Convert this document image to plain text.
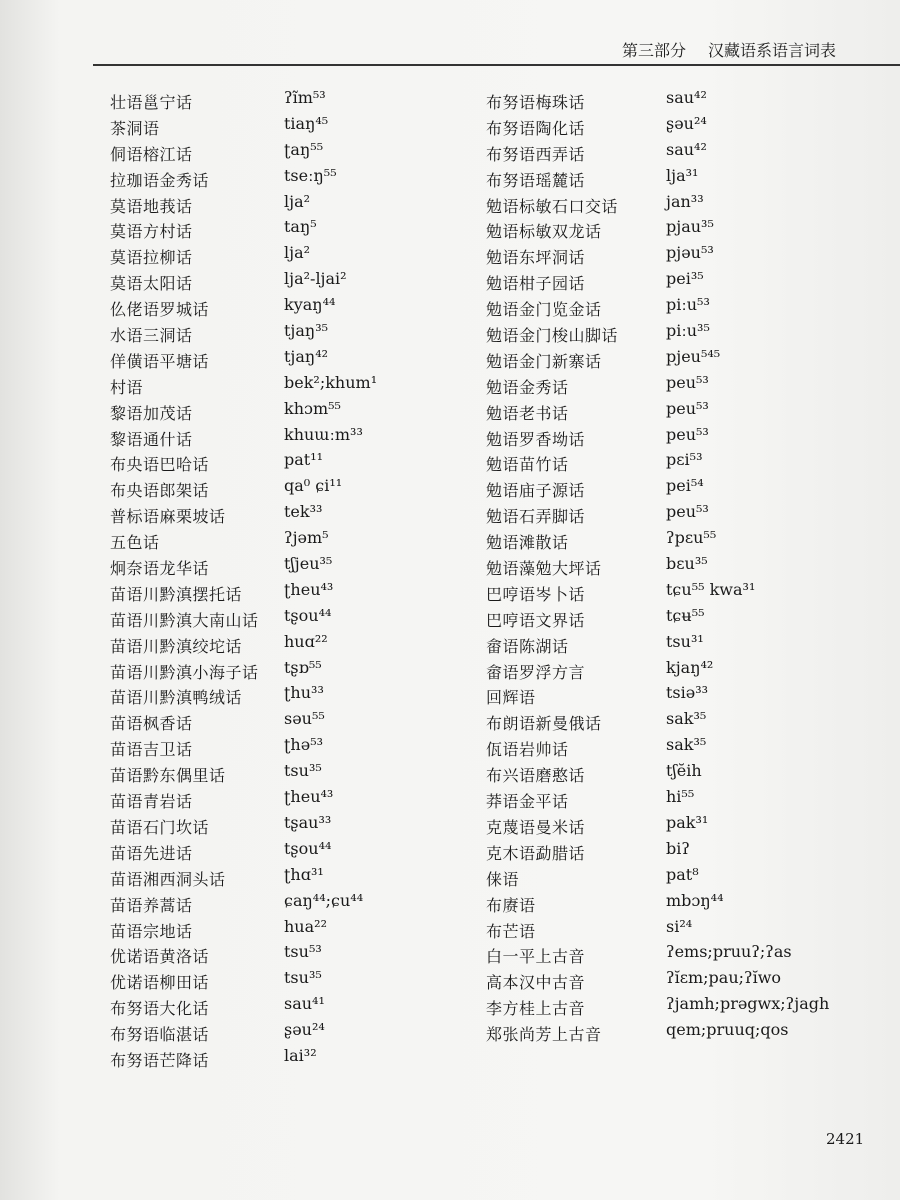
第三部分 汉藏语系语言词表
壮语邕宁话	ʔĩm⁵³
茶洞语	tiaŋ⁴⁵
侗语榕江话	ʈaŋ⁵⁵
拉珈语金秀话	tseːŋ⁵⁵
莫语地莪话	lja²
莫语方村话	taŋ⁵
莫语拉柳话	lja²
莫语太阳话	lja²-ljai²
仫佬语罗城话	kyaŋ⁴⁴
水语三洞话	tjaŋ³⁵
佯僙语平塘话	tjaŋ⁴²
村语	bek²;khum¹
黎语加茂话	khɔm⁵⁵
黎语通什话	khuɯːm³³
布央语巴哈话	pat¹¹
布央语郎架话	qa⁰ ɕi¹¹
普标语麻栗坡话	tek³³
五色话	ʔjəm⁵
炯奈语龙华话	tʃjeu³⁵
苗语川黔滇摆托话	ʈheu⁴³
苗语川黔滇大南山话 tʂou⁴⁴
苗语川黔滇绞坨话	huɑ²²
苗语川黔滇小海子话 tʂɒ⁵⁵
苗语川黔滇鸭绒话	ʈhu³³
苗语枫香话	səu⁵⁵
苗语吉卫话	ʈhə⁵³
苗语黔东偶里话	tsu³⁵
苗语青岩话	ʈheu⁴³
苗语石门坎话	tʂau³³
苗语先进话	tʂou⁴⁴
苗语湘西洞头话	ʈhɑ³¹
苗语养蒿话	ɕaŋ⁴⁴;ɕu⁴⁴
苗语宗地话	hua²²
优诺语黄洛话	tsu⁵³
优诺语柳田话	tsu³⁵
布努语大化话	sau⁴¹
布努语临湛话	ʂəu²⁴
布努语芒降话	lai³²
布努语梅珠话	sau⁴²
布努语陶化话	ʂəu²⁴
布努语西弄话	sau⁴²
布努语瑶麓话	lja³¹
勉语标敏石口交话	jan³³
勉语标敏双龙话	pjau³⁵
勉语东坪洞话	pjəu⁵³
勉语柑子园话	pei³⁵
勉语金门览金话	piːu⁵³
勉语金门梭山脚话	piːu³⁵
勉语金门新寨话	pjeu⁵⁴⁵
勉语金秀话	peu⁵³
勉语老书话	peu⁵³
勉语罗香坳话	peu⁵³
勉语苗竹话	pɛi⁵³
勉语庙子源话	pei⁵⁴
勉语石弄脚话	peu⁵³
勉语滩散话	ʔpɛu⁵⁵
勉语藻勉大坪话	bɛu³⁵
巴哼语岑卜话	tɕu⁵⁵ kwa³¹
巴哼语文界话	tɕʉ⁵⁵
畲语陈湖话	tsu³¹
畲语罗浮方言	kjaŋ⁴²
回辉语	tsiə³³
布朗语新曼俄话	sak³⁵
佤语岩帅话	sak³⁵
布兴语磨憨话	tʃĕih
莽语金平话	hi⁵⁵
克蔑语曼米话	pak³¹
克木语勐腊话	biʔ
俫语	pat⁸
布赓语	mbɔŋ⁴⁴
布芒语	si²⁴
白一平上古音	ʔems;pruuʔ;ʔas
高本汉中古音	ʔĭɛm;pau;ʔĭwo
李方桂上古音	ʔjamh;prəgwx;ʔjagh
郑张尚芳上古音	qem;pruuq;qos
2421
